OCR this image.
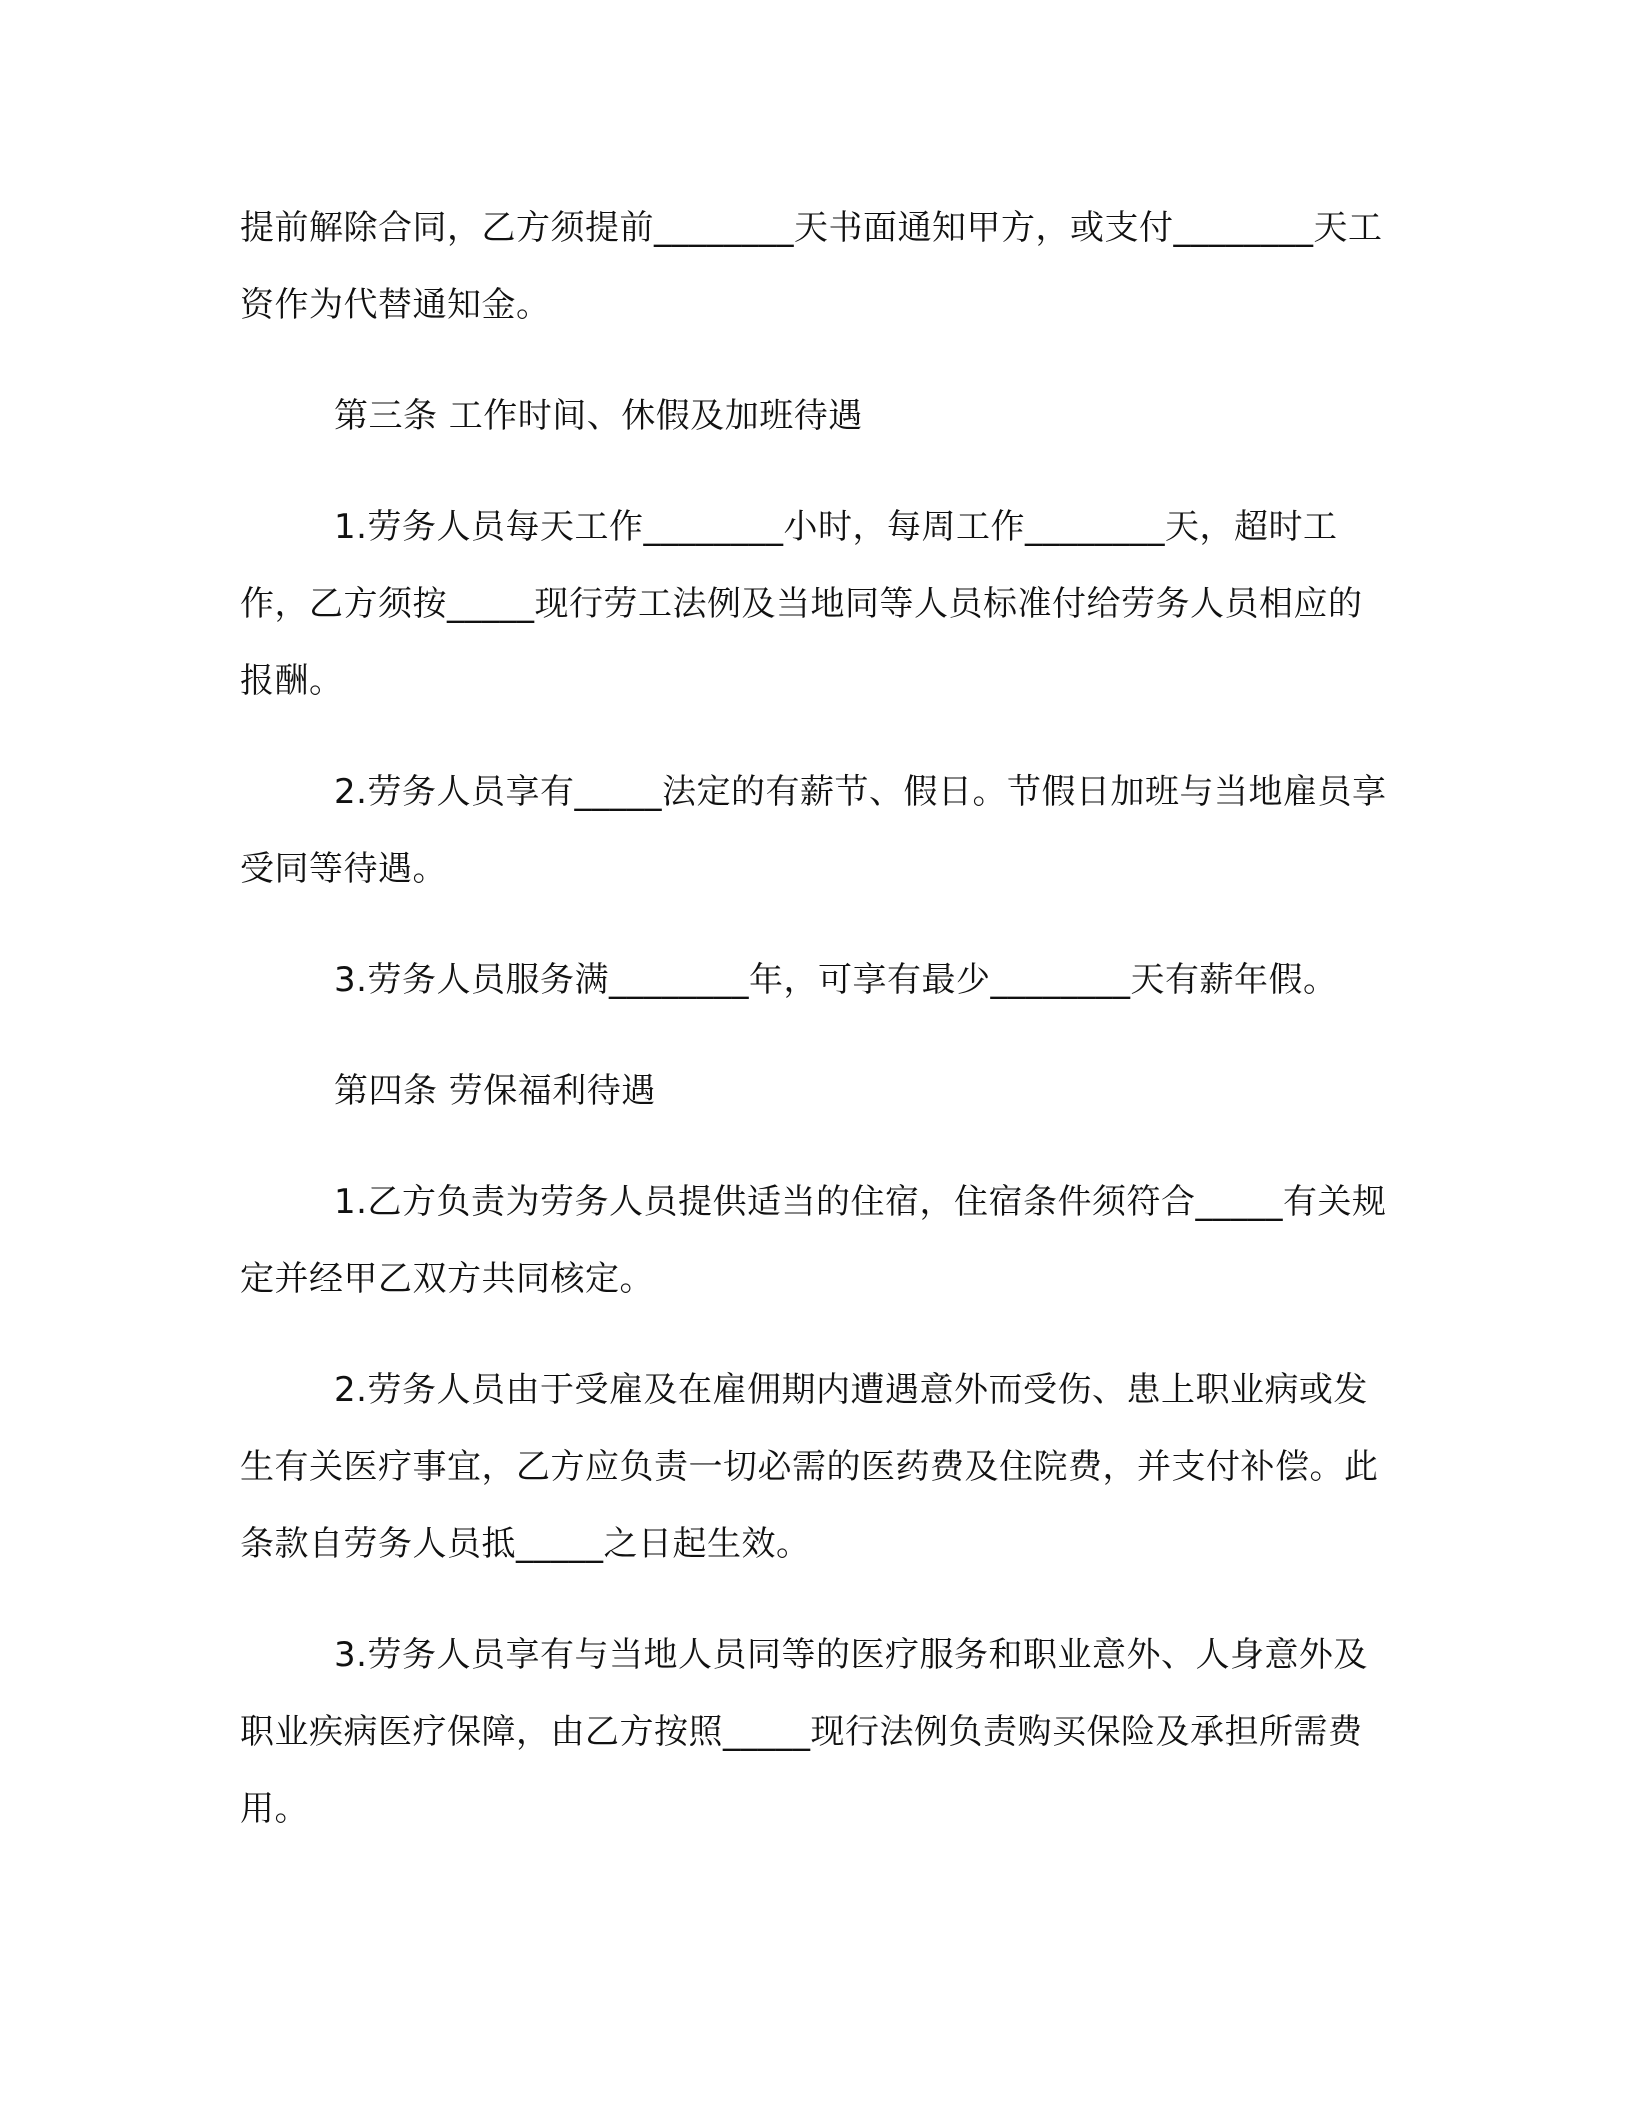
提前解除合同，乙方须提前________天书面通知甲方，或支付________天工资作为代替通知金。

第三条 工作时间、休假及加班待遇

1.劳务人员每天工作________小时，每周工作________天，超时工作，乙方须按_____现行劳工法例及当地同等人员标准付给劳务人员相应的报酬。

2.劳务人员享有_____法定的有薪节、假日。节假日加班与当地雇员享受同等待遇。

3.劳务人员服务满________年，可享有最少________天有薪年假。

第四条 劳保福利待遇

1.乙方负责为劳务人员提供适当的住宿，住宿条件须符合_____有关规定并经甲乙双方共同核定。

2.劳务人员由于受雇及在雇佣期内遭遇意外而受伤、患上职业病或发生有关医疗事宜，乙方应负责一切必需的医药费及住院费，并支付补偿。此条款自劳务人员抵_____之日起生效。

3.劳务人员享有与当地人员同等的医疗服务和职业意外、人身意外及职业疾病医疗保障，由乙方按照_____现行法例负责购买保险及承担所需费用。
